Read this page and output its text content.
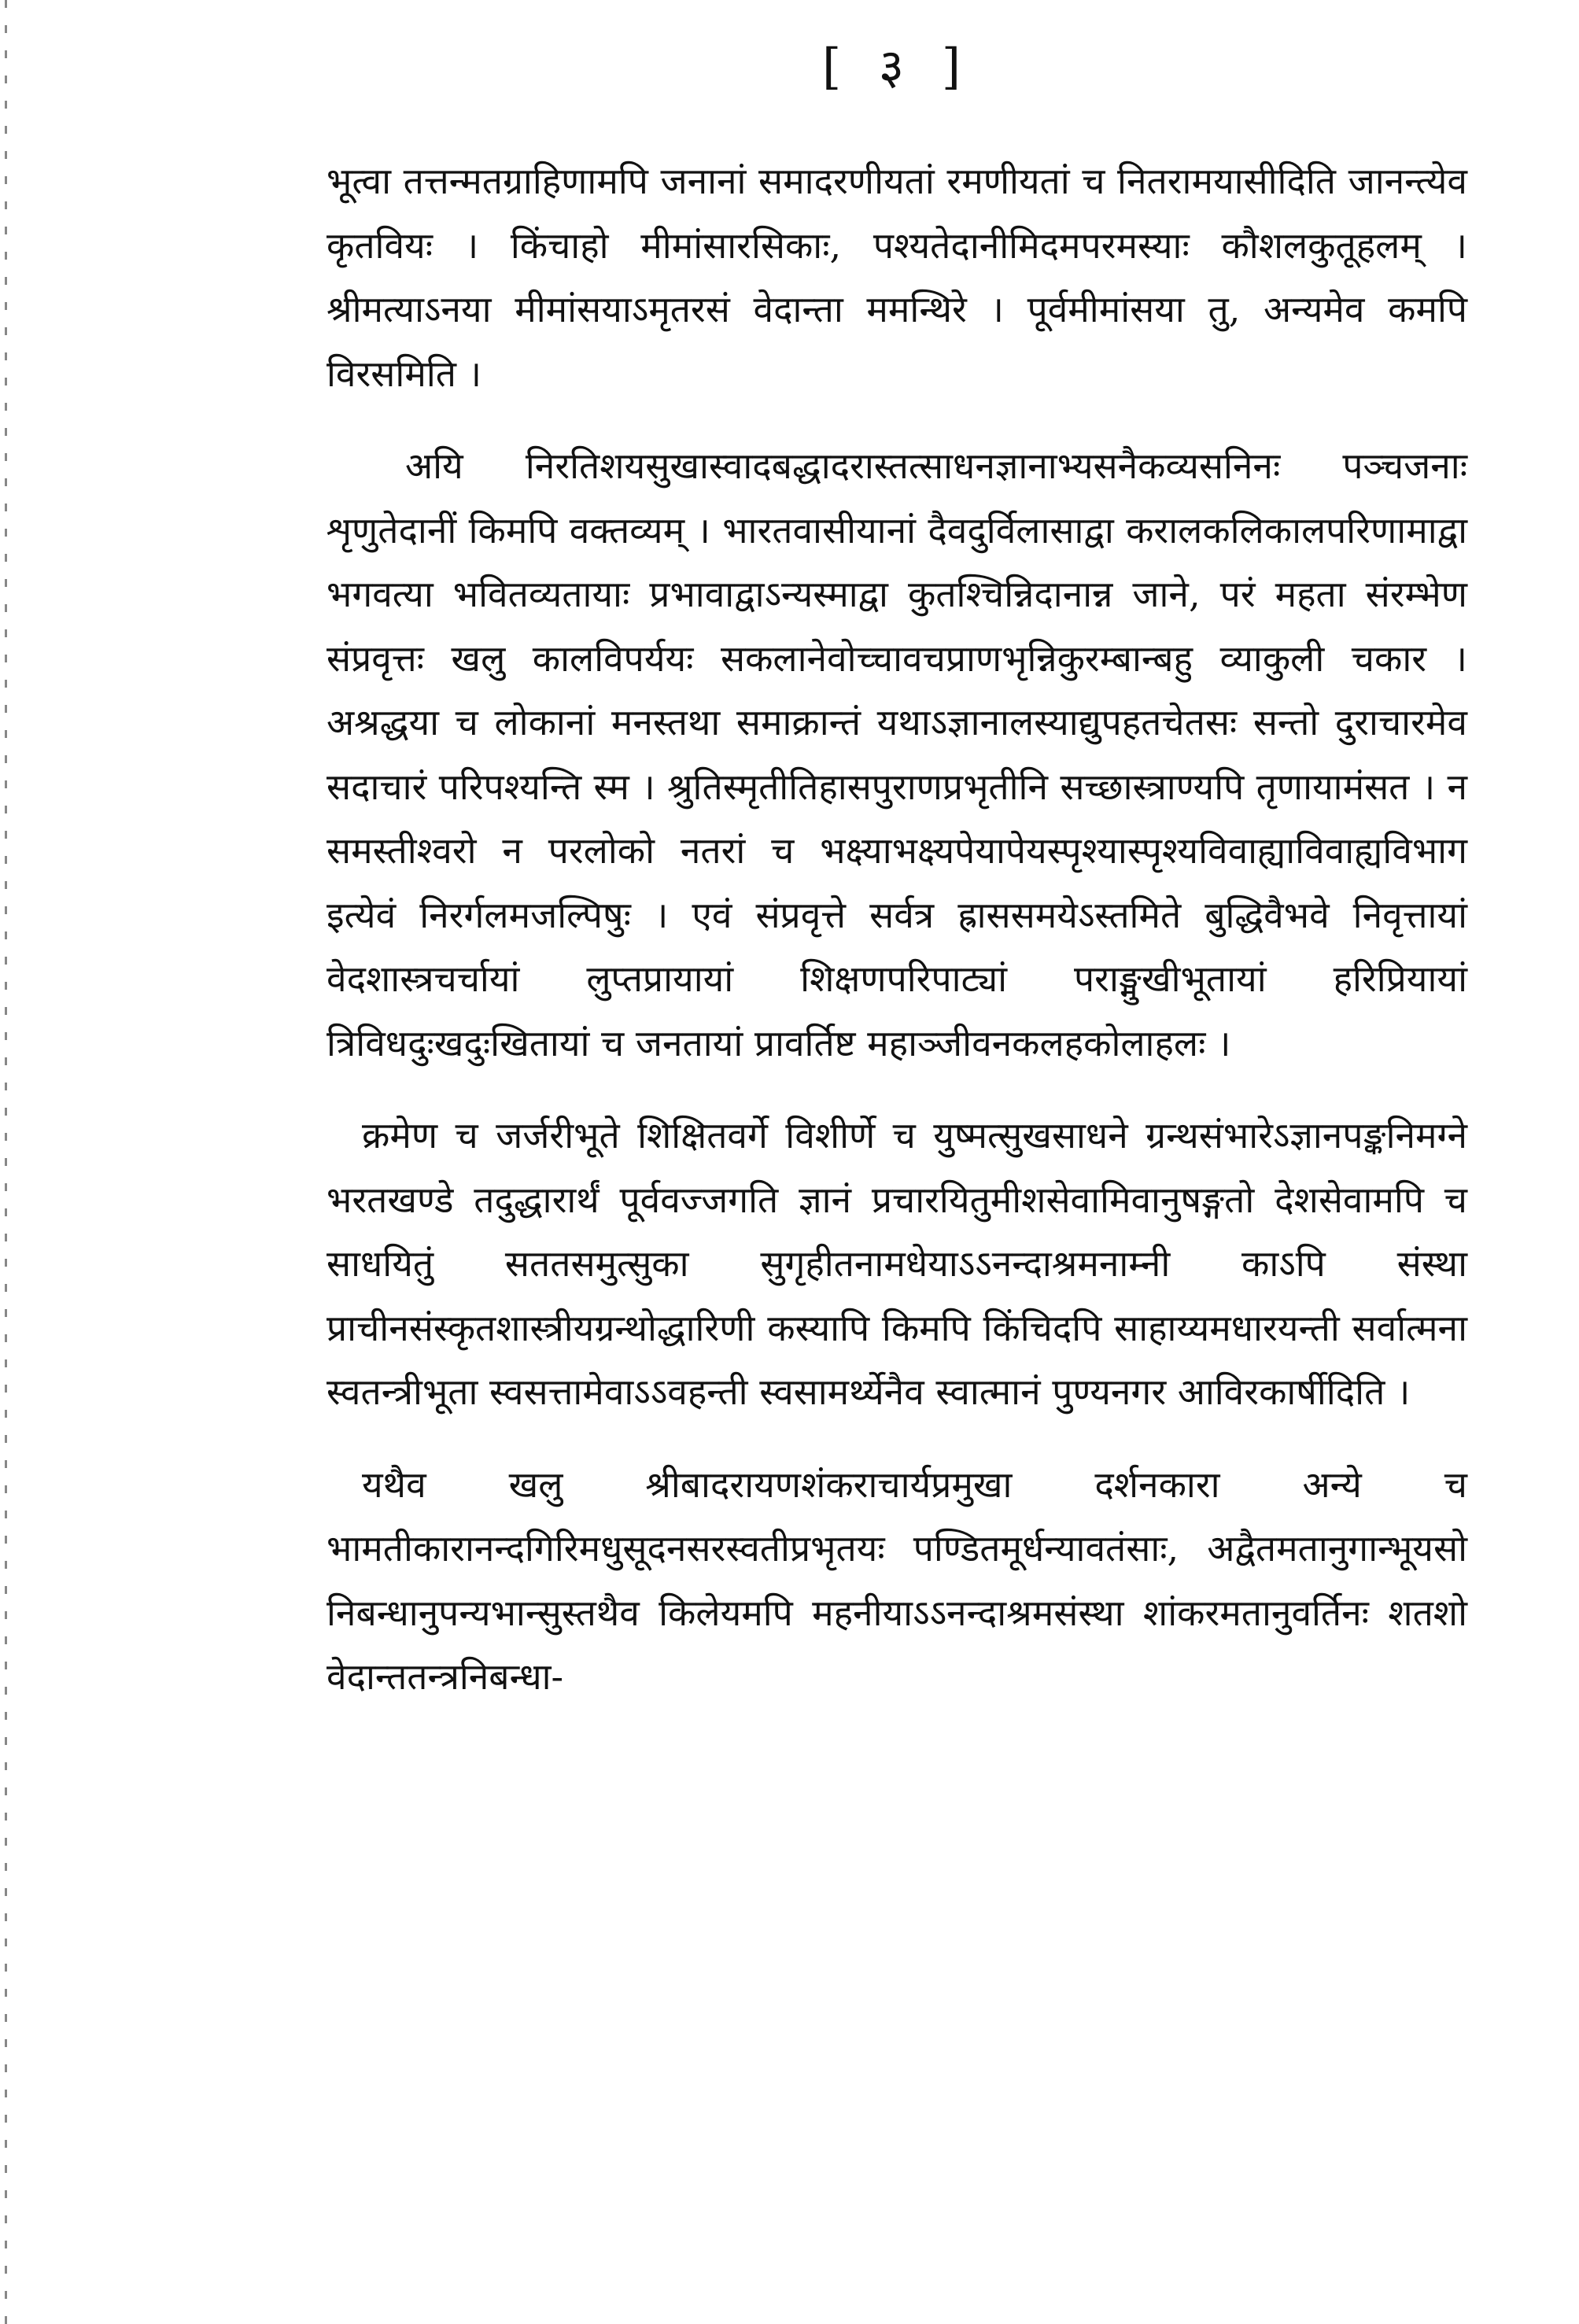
[ ३ ]

भूत्वा तत्तन्मतग्राहिणामपि जनानां समादरणीयतां रमणीयतां च नितरामयासीदिति जानन्त्येव कृतवियः । किंचाहो मीमांसारसिकाः, पश्यतेदानीमिदमपरमस्याः कौशलकुतूहलम् । श्रीमत्याऽनया मीमांसयाऽमृतरसं वेदान्ता ममन्थिरे । पूर्वमीमांसया तु, अन्यमेव कमपि विरसमिति ।

अयि निरतिशयसुखास्वादबद्धादरास्तत्साधनज्ञानाभ्यसनैकव्यसनिनः पञ्चजनाः शृणुतेदानीं किमपि वक्तव्यम् । भारतवासीयानां दैवदुर्विलासाद्वा करालकलिकालपरिणामाद्वा भगवत्या भवितव्यतायाः प्रभावाद्वाऽन्यस्माद्वा कुतश्चिन्निदानान्न जाने, परं महता संरम्भेण संप्रवृत्तः खलु कालविपर्ययः सकलानेवोच्चावचप्राणभृन्निकुरम्बान्बहु व्याकुली चकार । अश्रद्धया च लोकानां मनस्तथा समाक्रान्तं यथाऽज्ञानालस्याद्युपहतचेतसः सन्तो दुराचारमेव सदाचारं परिपश्यन्ति स्म । श्रुतिस्मृतीतिहासपुराणप्रभृतीनि सच्छास्त्राण्यपि तृणायामंसत । न समस्तीश्वरो न परलोको नतरां च भक्ष्याभक्ष्यपेयापेयस्पृश्यास्पृश्यविवाह्याविवाह्यविभाग इत्येवं निरर्गलमजल्पिषुः । एवं संप्रवृत्ते सर्वत्र ह्राससमयेऽस्तमिते बुद्धिवैभवे निवृत्तायां वेदशास्त्रचर्चायां लुप्तप्रायायां शिक्षणपरिपाट्यां पराङ्मुखीभूतायां हरिप्रियायां त्रिविधदुःखदुःखितायां च जनतायां प्रावर्तिष्ट महाञ्जीवनकलहकोलाहलः ।

क्रमेण च जर्जरीभूते शिक्षितवर्गे विशीर्णे च युष्मत्सुखसाधने ग्रन्थसंभारेऽज्ञानपङ्कनिमग्ने भरतखण्डे तदुद्धारार्थं पूर्ववज्जगति ज्ञानं प्रचारयितुमीशसेवामिवानुषङ्गतो देशसेवामपि च साधयितुं सततसमुत्सुका सुगृहीतनामधेयाऽऽनन्दाश्रमनाम्नी काऽपि संस्था प्राचीनसंस्कृतशास्त्रीयग्रन्थोद्धारिणी कस्यापि किमपि किंचिदपि साहाय्यमधारयन्ती सर्वात्मना स्वतन्त्रीभूता स्वसत्तामेवाऽऽवहन्ती स्वसामर्थ्येनैव स्वात्मानं पुण्यनगर आविरकार्षीदिति ।

यथैव खलु श्रीबादरायणशंकराचार्यप्रमुखा दर्शनकारा अन्ये च भामतीकारानन्दगिरिमधुसूदनसरस्वतीप्रभृतयः पण्डितमूर्धन्यावतंसाः, अद्वैतमतानुगान्भूयसो निबन्धानुपन्यभान्सुस्तथैव किलेयमपि महनीयाऽऽनन्दाश्रमसंस्था शांकरमतानुवर्तिनः शतशो वेदान्ततन्त्रनिबन्धा-
